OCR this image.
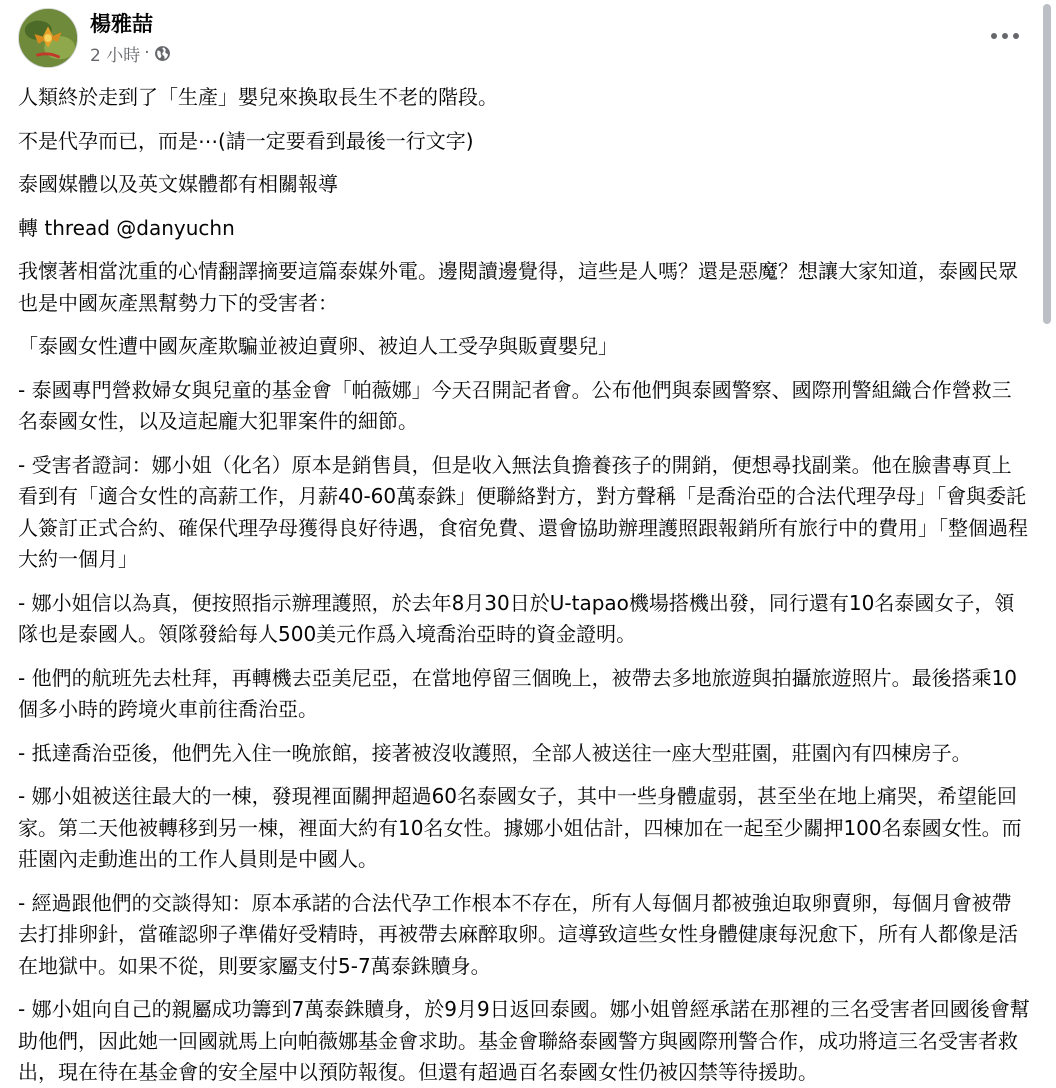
楊雅喆
2 小時 ·

人類終於走到了「生產」嬰兒來換取長生不老的階段。

不是代孕而已，而是⋯(請一定要看到最後一行文字)

泰國媒體以及英文媒體都有相關報導

轉 thread @danyuchn

我懷著相當沈重的心情翻譯摘要這篇泰媒外電。邊閱讀邊覺得，這些是人嗎？還是惡魔？想讓大家知道，泰國民眾也是中國灰產黑幫勢力下的受害者：

「泰國女性遭中國灰產欺騙並被迫賣卵、被迫人工受孕與販賣嬰兒」

- 泰國專門營救婦女與兒童的基金會「帕薇娜」今天召開記者會。公布他們與泰國警察、國際刑警組織合作營救三名泰國女性，以及這起龐大犯罪案件的細節。

- 受害者證詞：娜小姐（化名）原本是銷售員，但是收入無法負擔養孩子的開銷，便想尋找副業。他在臉書專頁上看到有「適合女性的高薪工作，月薪40-60萬泰銖」便聯絡對方，對方聲稱「是喬治亞的合法代理孕母」「會與委託人簽訂正式合約、確保代理孕母獲得良好待遇，食宿免費、還會協助辦理護照跟報銷所有旅行中的費用」「整個過程大約一個月」

- 娜小姐信以為真，便按照指示辦理護照，於去年8月30日於U-tapao機場搭機出發，同行還有10名泰國女子，領隊也是泰國人。領隊發給每人500美元作爲入境喬治亞時的資金證明。

- 他們的航班先去杜拜，再轉機去亞美尼亞，在當地停留三個晚上，被帶去多地旅遊與拍攝旅遊照片。最後搭乘10個多小時的跨境火車前往喬治亞。

- 抵達喬治亞後，他們先入住一晚旅館，接著被沒收護照，全部人被送往一座大型莊園，莊園內有四棟房子。

- 娜小姐被送往最大的一棟，發現裡面關押超過60名泰國女子，其中一些身體虛弱，甚至坐在地上痛哭，希望能回家。第二天他被轉移到另一棟，裡面大約有10名女性。據娜小姐估計，四棟加在一起至少關押100名泰國女性。而莊園內走動進出的工作人員則是中國人。

- 經過跟他們的交談得知：原本承諾的合法代孕工作根本不存在，所有人每個月都被強迫取卵賣卵，每個月會被帶去打排卵針，當確認卵子準備好受精時，再被帶去麻醉取卵。這導致這些女性身體健康每況愈下，所有人都像是活在地獄中。如果不從，則要家屬支付5-7萬泰銖贖身。

- 娜小姐向自己的親屬成功籌到7萬泰銖贖身，於9月9日返回泰國。娜小姐曾經承諾在那裡的三名受害者回國後會幫助他們，因此她一回國就馬上向帕薇娜基金會求助。基金會聯絡泰國警方與國際刑警合作，成功將這三名受害者救出，現在待在基金會的安全屋中以預防報復。但還有超過百名泰國女性仍被囚禁等待援助。
